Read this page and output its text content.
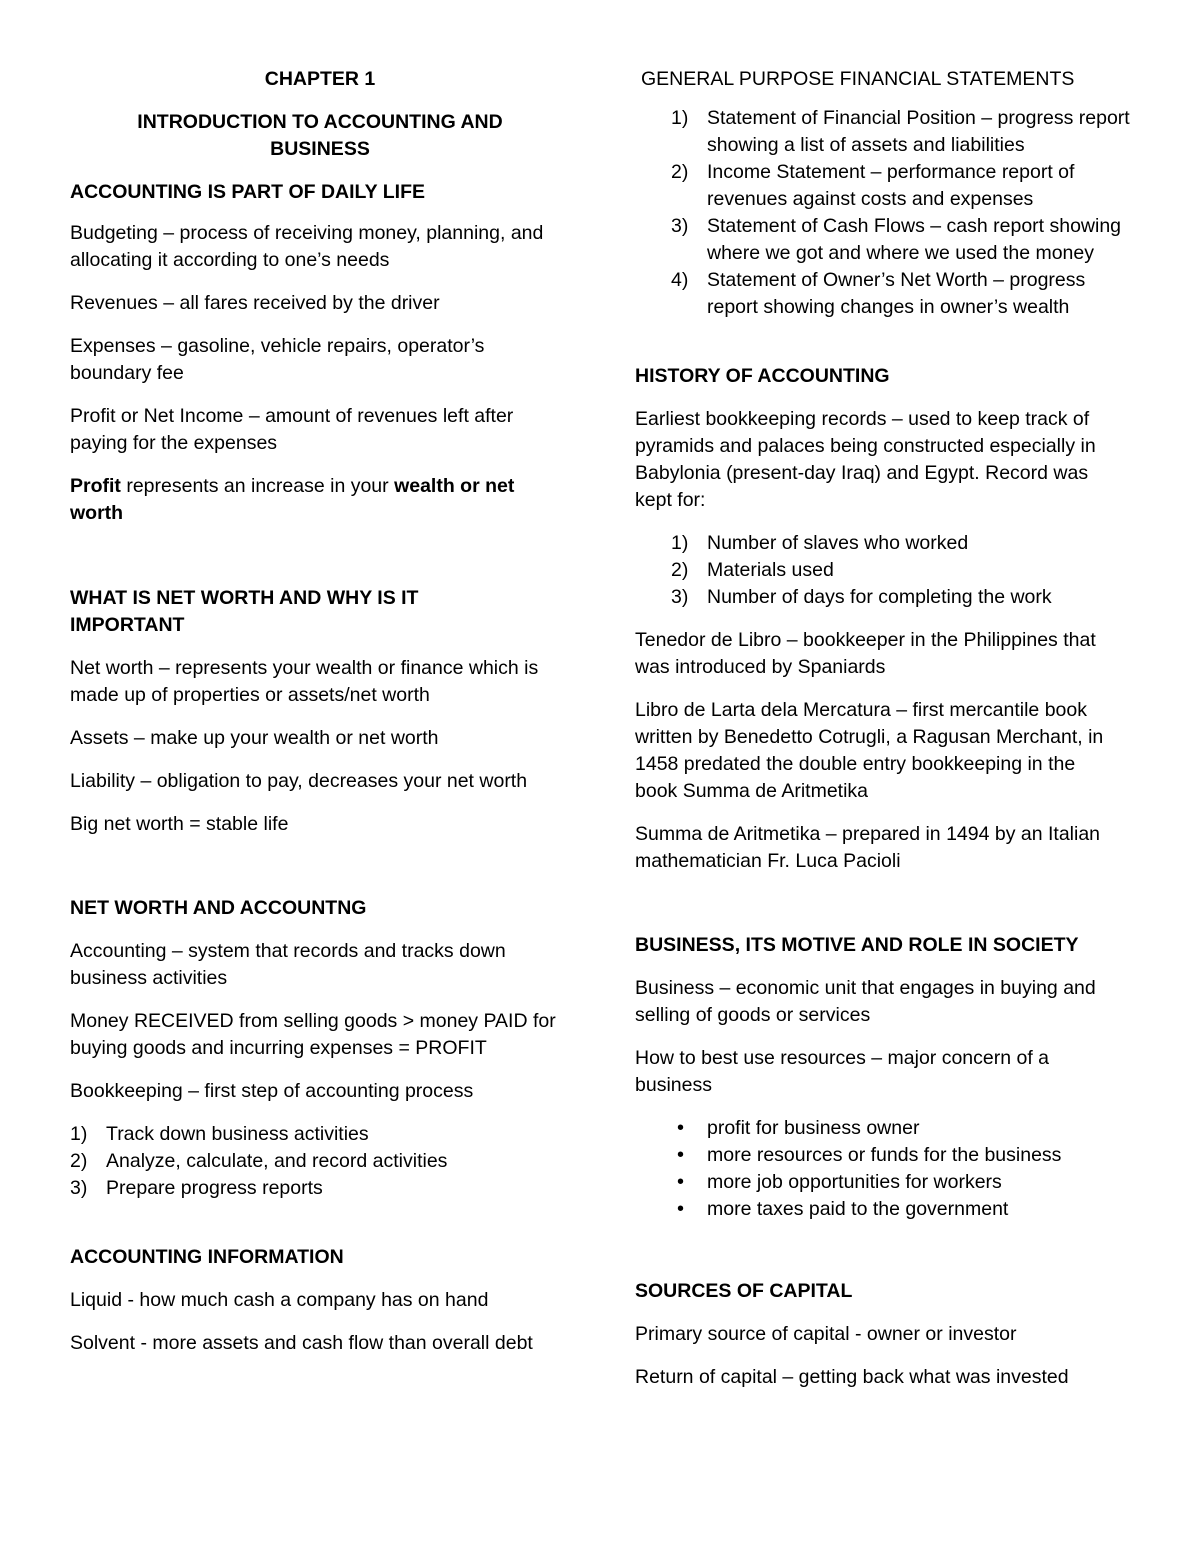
CHAPTER 1

INTRODUCTION TO ACCOUNTING AND BUSINESS

ACCOUNTING IS PART OF DAILY LIFE

Budgeting – process of receiving money, planning, and allocating it according to one’s needs

Revenues – all fares received by the driver

Expenses – gasoline, vehicle repairs, operator’s boundary fee

Profit or Net Income – amount of revenues left after paying for the expenses

Profit represents an increase in your wealth or net worth

WHAT IS NET WORTH AND WHY IS IT IMPORTANT

Net worth – represents your wealth or finance which is made up of properties or assets/net worth

Assets – make up your wealth or net worth

Liability – obligation to pay, decreases your net worth

Big net worth = stable life

NET WORTH AND ACCOUNTNG

Accounting – system that records and tracks down business activities

Money RECEIVED from selling goods > money PAID for buying goods and incurring expenses = PROFIT

Bookkeeping – first step of accounting process

1) Track down business activities
2) Analyze, calculate, and record activities
3) Prepare progress reports

ACCOUNTING INFORMATION

Liquid - how much cash a company has on hand

Solvent - more assets and cash flow than overall debt

GENERAL PURPOSE FINANCIAL STATEMENTS

1) Statement of Financial Position – progress report showing a list of assets and liabilities
2) Income Statement – performance report of revenues against costs and expenses
3) Statement of Cash Flows – cash report showing where we got and where we used the money
4) Statement of Owner’s Net Worth – progress report showing changes in owner’s wealth

HISTORY OF ACCOUNTING

Earliest bookkeeping records – used to keep track of pyramids and palaces being constructed especially in Babylonia (present-day Iraq) and Egypt. Record was kept for:

1) Number of slaves who worked
2) Materials used
3) Number of days for completing the work

Tenedor de Libro – bookkeeper in the Philippines that was introduced by Spaniards

Libro de Larta dela Mercatura – first mercantile book written by Benedetto Cotrugli, a Ragusan Merchant, in 1458 predated the double entry bookkeeping in the book Summa de Aritmetika

Summa de Aritmetika – prepared in 1494 by an Italian mathematician Fr. Luca Pacioli

BUSINESS, ITS MOTIVE AND ROLE IN SOCIETY

Business – economic unit that engages in buying and selling of goods or services

How to best use resources – major concern of a business

• profit for business owner
• more resources or funds for the business
• more job opportunities for workers
• more taxes paid to the government

SOURCES OF CAPITAL

Primary source of capital - owner or investor

Return of capital – getting back what was invested
